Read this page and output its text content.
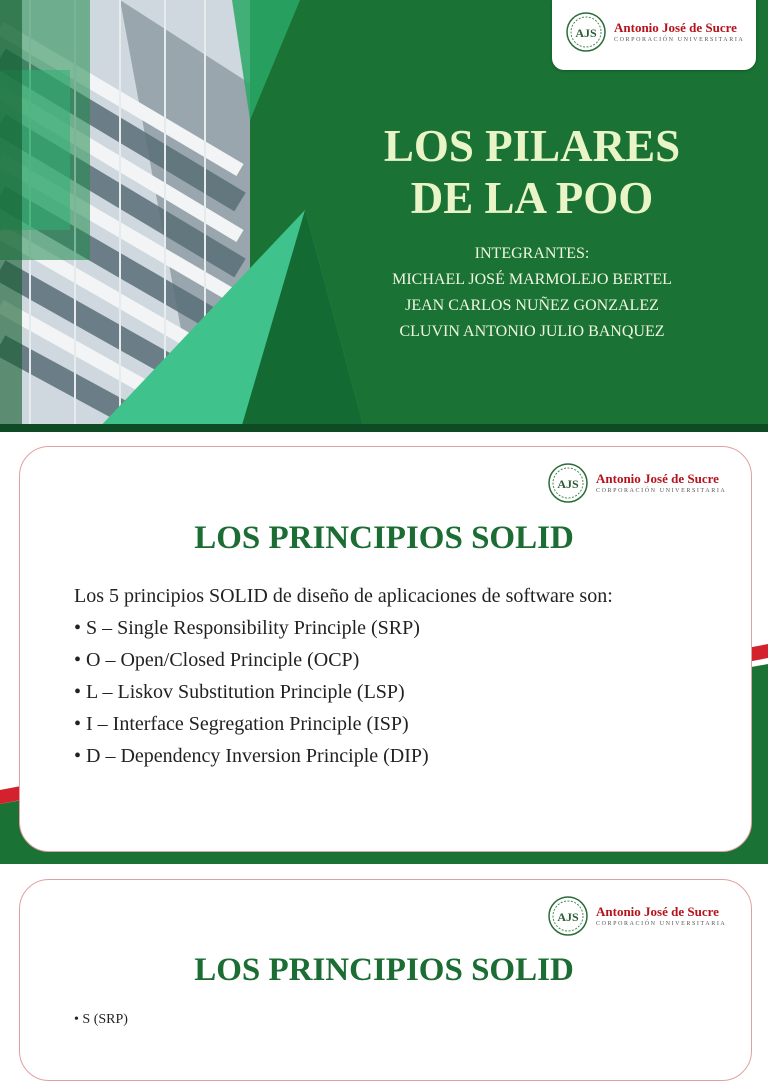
AJS Antonio José de Sucre
CORPORACIÓN UNIVERSITARIA
LOS PILARES
DE LA POO
INTEGRANTES:
MICHAEL JOSÉ MARMOLEJO BERTEL
JEAN CARLOS NUÑEZ GONZALEZ
CLUVIN ANTONIO JULIO BANQUEZ
AJS Antonio José de Sucre
CORPORACIÓN UNIVERSITARIA
LOS PRINCIPIOS SOLID
Los 5 principios SOLID de diseño de aplicaciones de software son:
• S – Single Responsibility Principle (SRP)
• O – Open/Closed Principle (OCP)
• L – Liskov Substitution Principle (LSP)
• I – Interface Segregation Principle (ISP)
• D – Dependency Inversion Principle (DIP)
AJS Antonio José de Sucre
CORPORACIÓN UNIVERSITARIA
LOS PRINCIPIOS SOLID
• S (SRP)
